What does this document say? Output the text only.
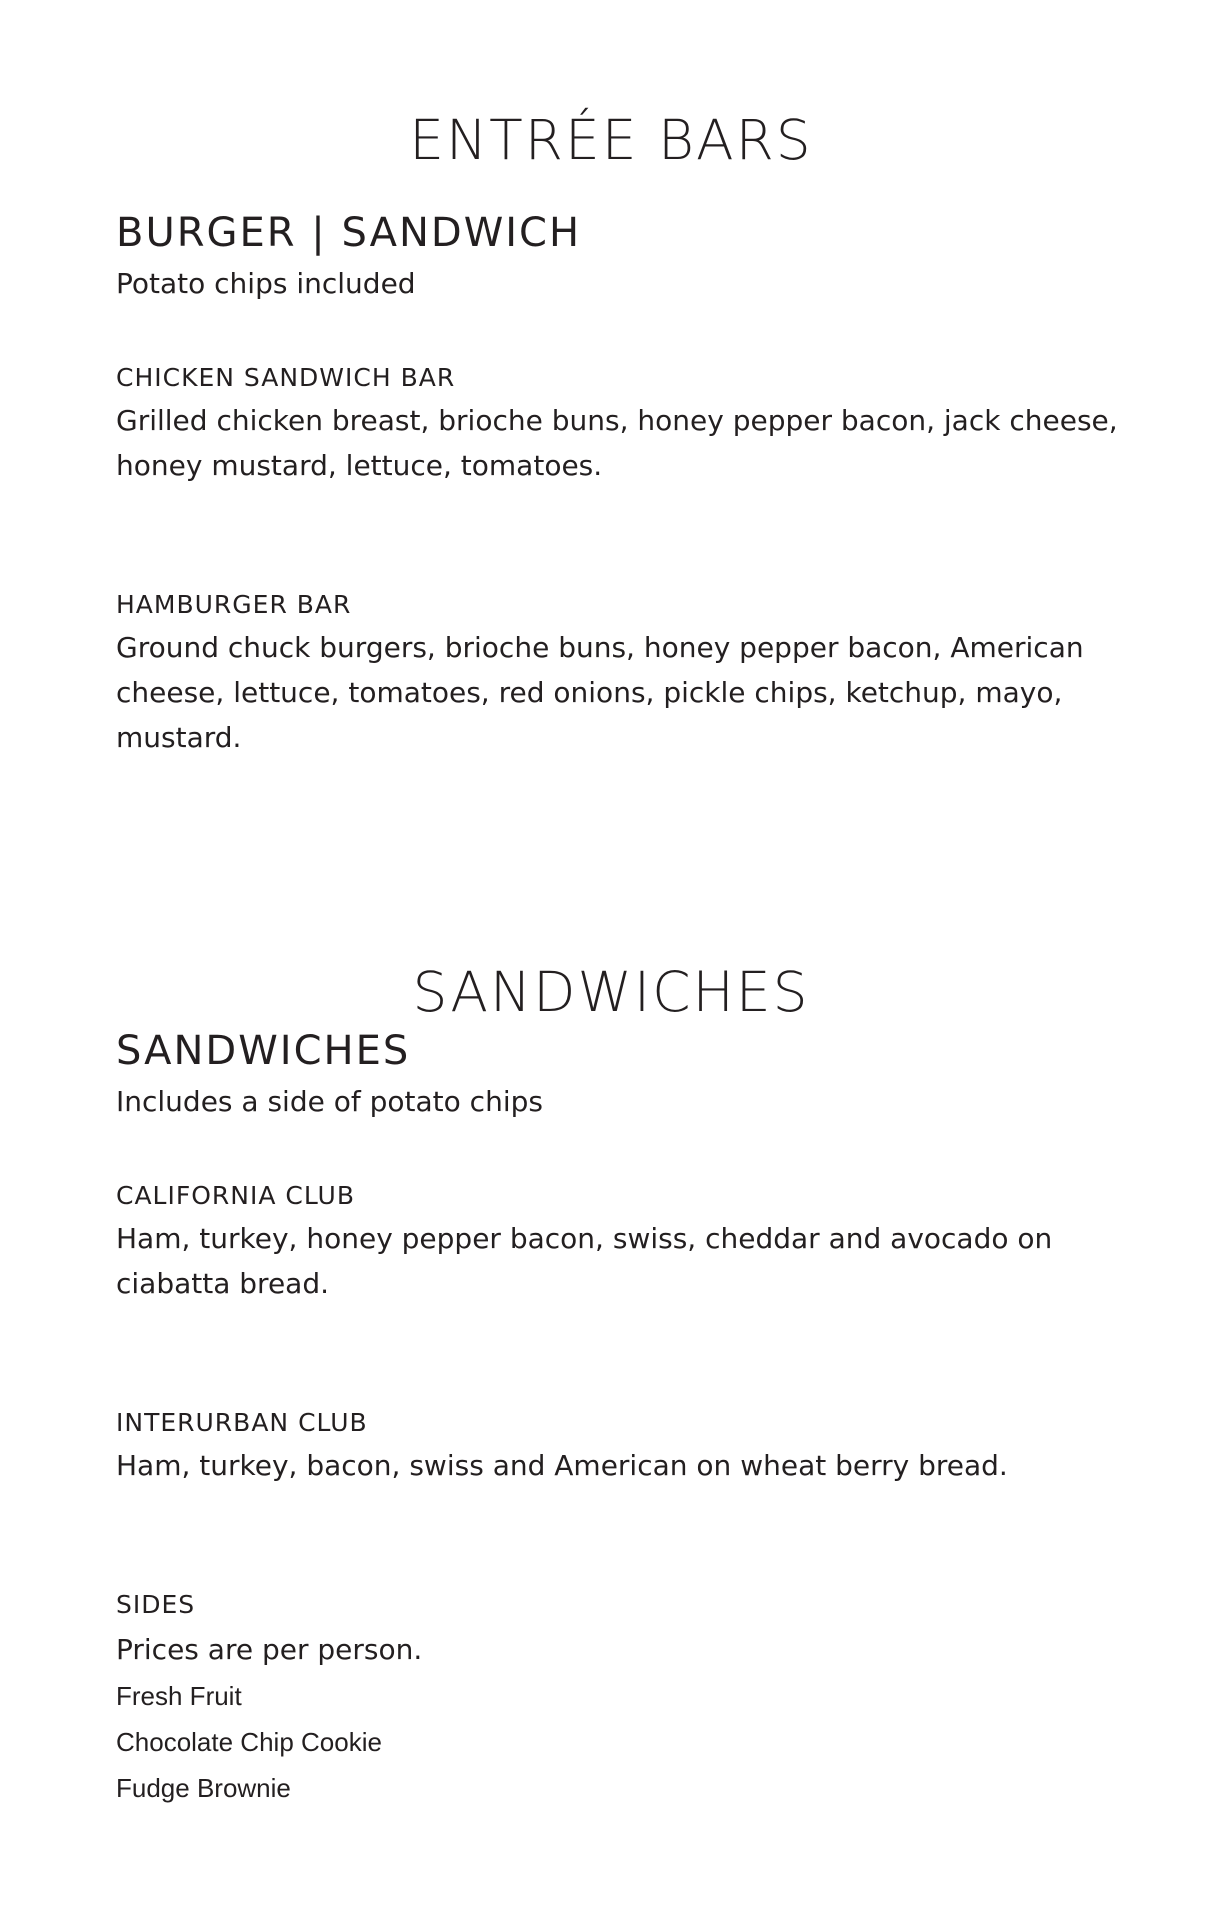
ENTRÉE BARS
BURGER | SANDWICH

Potato chips included

CHICKEN SANDWICH BAR

Grilled chicken breast, brioche buns, honey pepper bacon, jack cheese, honey mustard, lettuce, tomatoes.

HAMBURGER BAR

Ground chuck burgers, brioche buns, honey pepper bacon, American cheese, lettuce, tomatoes, red onions, pickle chips, ketchup, mayo, mustard.

SANDWICHES
SANDWICHES

Includes a side of potato chips

CALIFORNIA CLUB

Ham, turkey, honey pepper bacon, swiss, cheddar and avocado on ciabatta bread.

INTERURBAN CLUB

Ham, turkey, bacon, swiss and American on wheat berry bread.

SIDES

Prices are per person.

Fresh Fruit

Chocolate Chip Cookie

Fudge Brownie
